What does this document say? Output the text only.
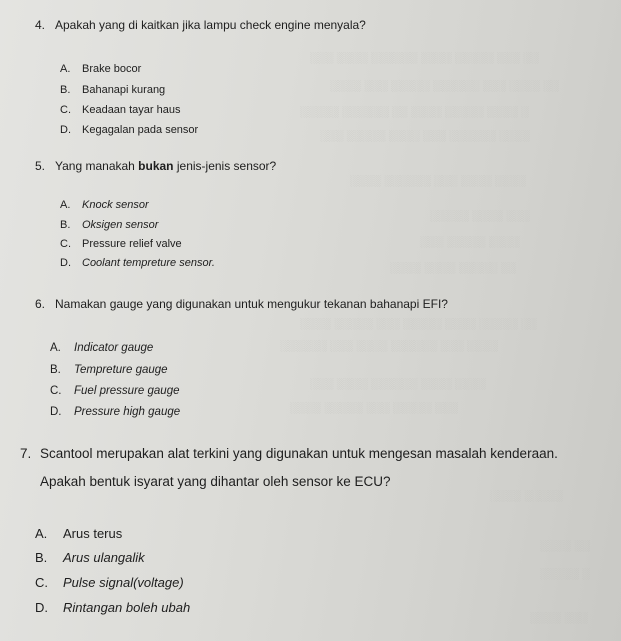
░░░ ░░░░ ░░░░░░ ░░░░ ░░░░░ ░░░ ░░
░░░░ ░░░ ░░░░░ ░░░░░░ ░░░ ░░░░ ░░
░░░░░ ░░░░░░ ░░ ░░░░ ░░░░░ ░░░░ ░
░░░ ░░░░░ ░░░░ ░░░ ░░░░░░ ░░░░
░░░░ ░░░░░░ ░░░ ░░░░ ░░░░
░░░░░ ░░░░ ░░░
░░░ ░░░░░ ░░░░
░░░░ ░░░░ ░░░░░ ░░
░░░░ ░░░░░ ░░░ ░░░░░ ░░░░ ░░░░░ ░░
░░░░░░ ░░░ ░░░░ ░░░░░░ ░░░ ░░░░
░░░ ░░░░ ░░░░░░ ░░░░ ░░░░
░░░░ ░░░░░ ░░░ ░░░░░ ░░░
░░░░ ░░░░░
░░░░ ░░
░░░░░ ░
░░░░ ░░░
4. Apakah yang di kaitkan jika lampu check engine menyala?
A. Brake bocor
B. Bahanapi kurang
C. Keadaan tayar haus
D. Kegagalan pada sensor
5. Yang manakah bukan jenis-jenis sensor?
A. Knock sensor
B. Oksigen sensor
C. Pressure relief valve
D. Coolant tempreture sensor.
6. Namakan gauge yang digunakan untuk mengukur tekanan bahanapi EFI?
A. Indicator gauge
B. Tempreture gauge
C. Fuel pressure gauge
D. Pressure high gauge
7. Scantool merupakan alat terkini yang digunakan untuk mengesan masalah kenderaan.
Apakah bentuk isyarat yang dihantar oleh sensor ke ECU?
A. Arus terus
B. Arus ulangalik
C. Pulse signal(voltage)
D. Rintangan boleh ubah
